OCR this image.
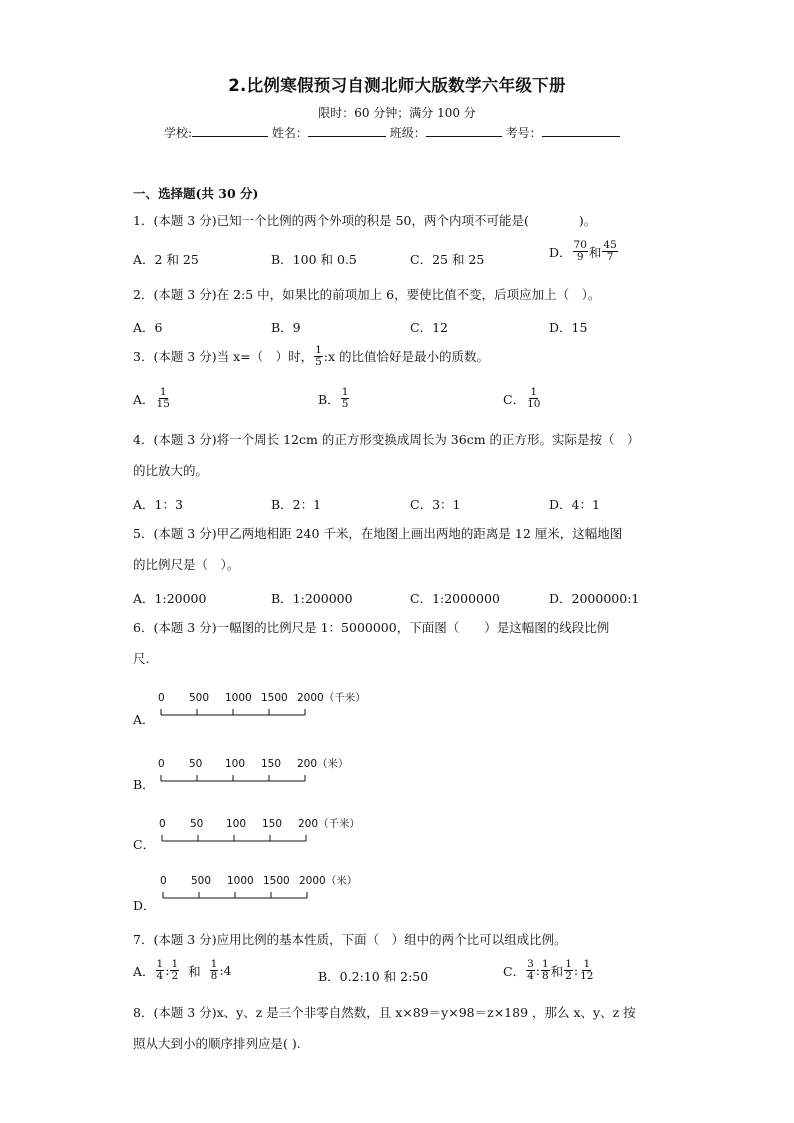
2.比例寒假预习自测北师大版数学六年级下册
限时：60 分钟；满分 100 分
学校:	姓名：	班级：	考号：
一、选择题(共 30 分)
1．(本题 3 分)已知一个比例的两个外项的积是 50，两个内项不可能是(　　　　)。
A．2 和 25	B．100 和 0.5	C．25 和 25	D． $\frac{70}{9}$ 和 $\frac{45}{7}$
2．(本题 3 分)在 2:5 中，如果比的前项加上 6，要使比值不变，后项应加上（　）。
A．6	B．9	C．12	D．15
3．(本题 3 分)当 x=（　）时， $\frac{1}{5}$ :x 的比值恰好是最小的质数。
A． $\frac{1}{15}$	B． $\frac{1}{5}$	C． $\frac{1}{10}$
4．(本题 3 分)将一个周长 12cm 的正方形变换成周长为 36cm 的正方形。实际是按（　）
的比放大的。
A．1：3	B．2：1	C．3：1	D．4：1
5．(本题 3 分)甲乙两地相距 240 千米，在地图上画出两地的距离是 12 厘米，这幅地图
的比例尺是（　）。
A．1:20000	B．1:200000	C．1:2000000	D．2000000:1
6．(本题 3 分)一幅图的比例尺是 1：5000000，下面图（　　）是这幅图的线段比例
尺.
A．
0 500 1000 1500 2000（千米）
B．
0 50 100 150 200（米）
C．
0 50 100 150 200（千米）
D．
0 500 1000 1500 2000（米）
7．(本题 3 分)应用比例的基本性质，下面（　）组中的两个比可以组成比例。
A． $\frac{1}{4}$ : $\frac{1}{2}$ 和 $\frac{1}{8}$ :4	B．0.2:10 和 2:50	C． $\frac{3}{4}$ : $\frac{1}{8}$ 和 $\frac{1}{2}$ : $\frac{1}{12}$
8．(本题 3 分)x、y、z 是三个非零自然数，且 x×89＝y×98＝z×189 ，那么 x、y、z 按
照从大到小的顺序排列应是( ).
